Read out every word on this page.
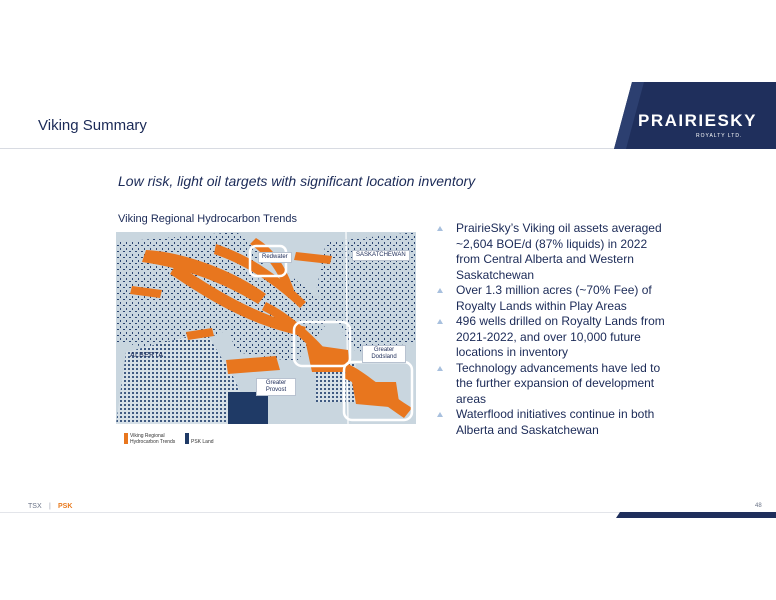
Viking Summary	PRAIRIESKY
ROYALTY LTD.
Low risk, light oil targets with significant location inventory
Viking Regional Hydrocarbon Trends
Redwater	SASKATCHEWAN
ALBERTA
Greater Dodsland
Greater Provost
Viking Regional Hydrocarbon Trends	PSK Land
PrairieSky’s Viking oil assets averaged ~2,604 BOE/d (87% liquids) in 2022 from Central Alberta and Western Saskatchewan
Over 1.3 million acres (~70% Fee) of Royalty Lands within Play Areas
496 wells drilled on Royalty Lands from 2021-2022, and over 10,000 future locations in inventory
Technology advancements have led to the further expansion of development areas
Waterflood initiatives continue in both Alberta and Saskatchewan
TSX | PSK	48
